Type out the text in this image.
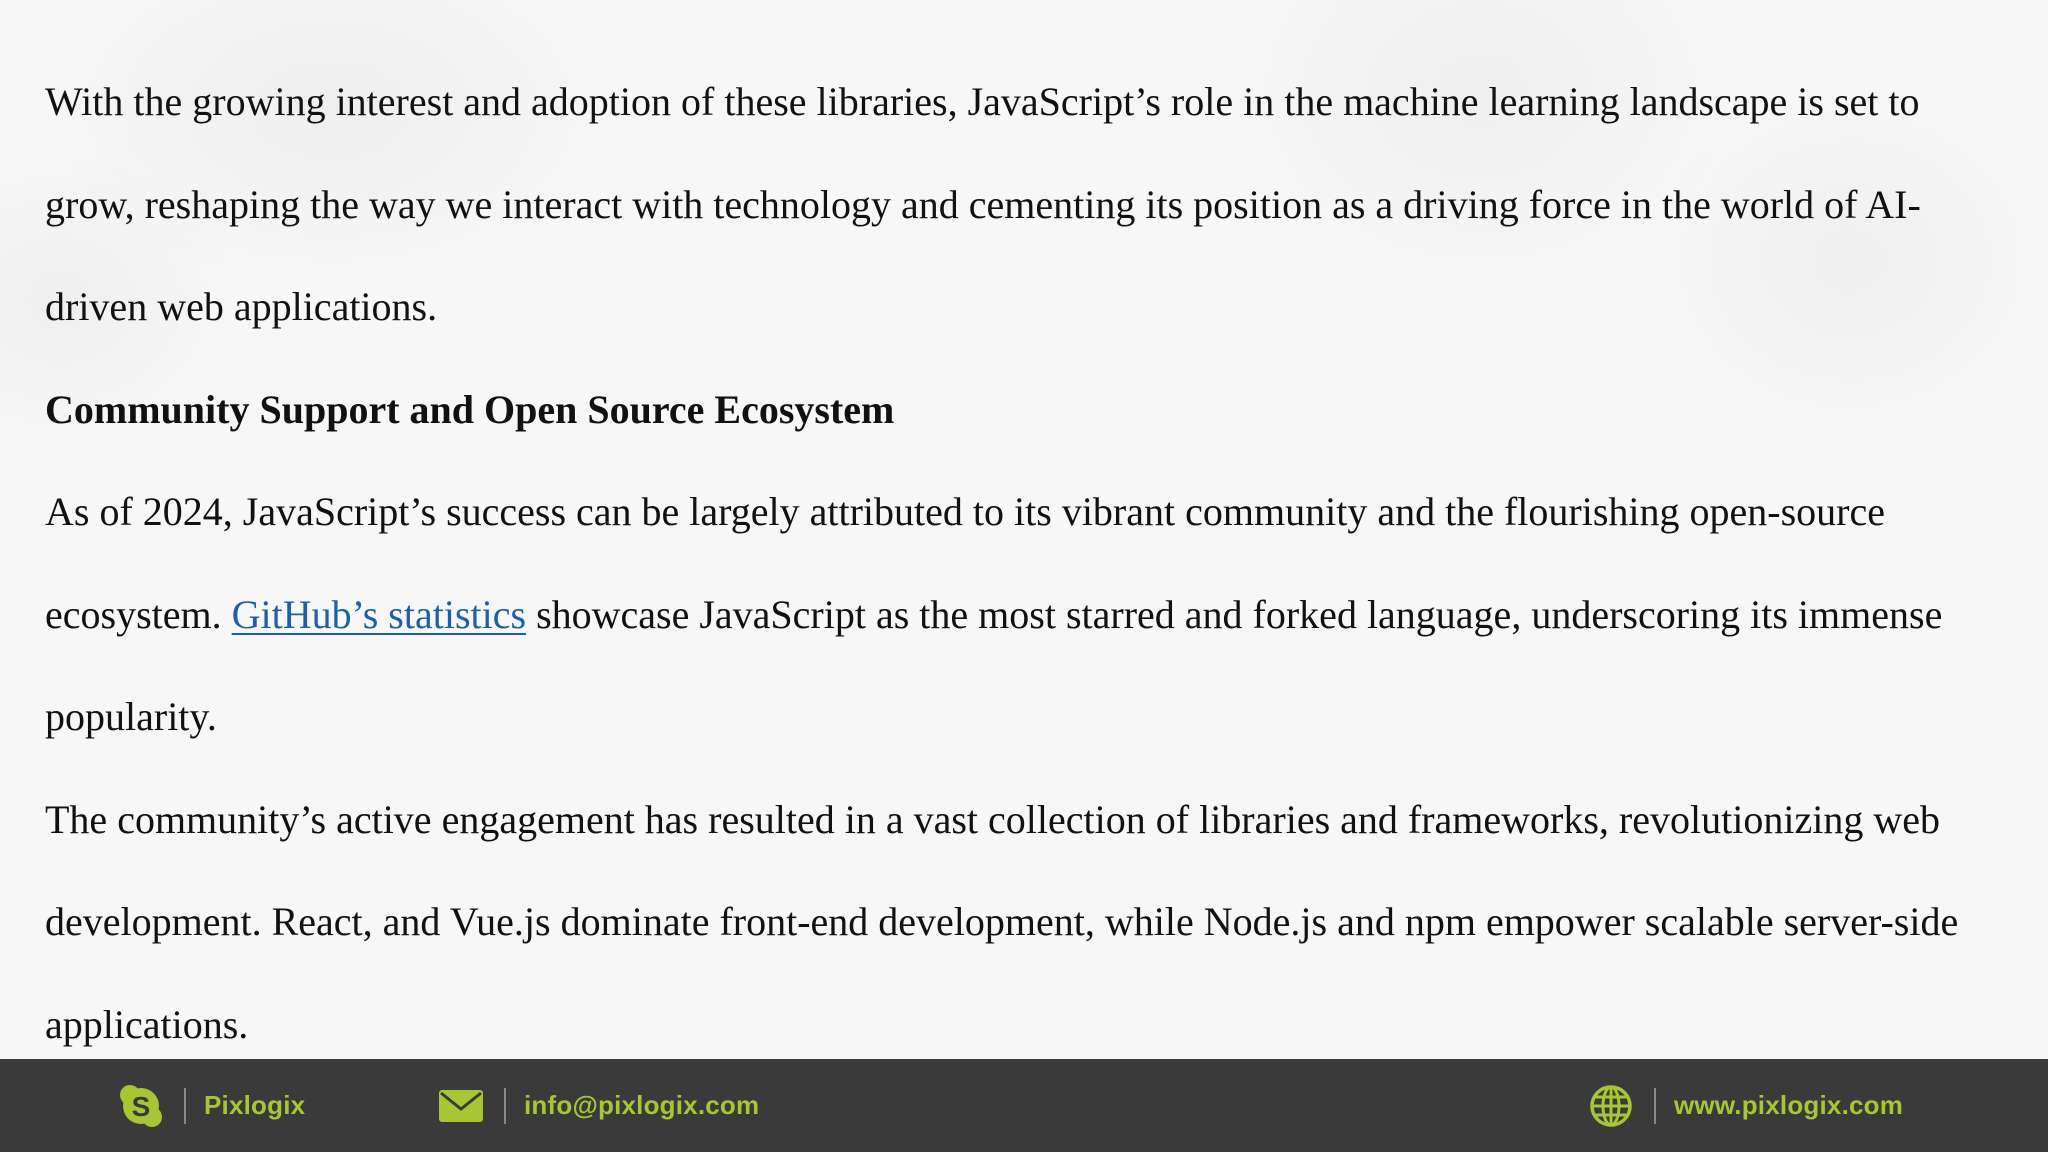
With the growing interest and adoption of these libraries, JavaScript’s role in the machine learning landscape is set to grow, reshaping the way we interact with technology and cementing its position as a driving force in the world of AI-driven web applications.

Community Support and Open Source Ecosystem

As of 2024, JavaScript’s success can be largely attributed to its vibrant community and the flourishing open-source ecosystem. GitHub’s statistics showcase JavaScript as the most starred and forked language, underscoring its immense popularity.

The community’s active engagement has resulted in a vast collection of libraries and frameworks, revolutionizing web development. React, and Vue.js dominate front-end development, while Node.js and npm empower scalable server-side applications.

S Pixlogix	info@pixlogix.com	www.pixlogix.com
